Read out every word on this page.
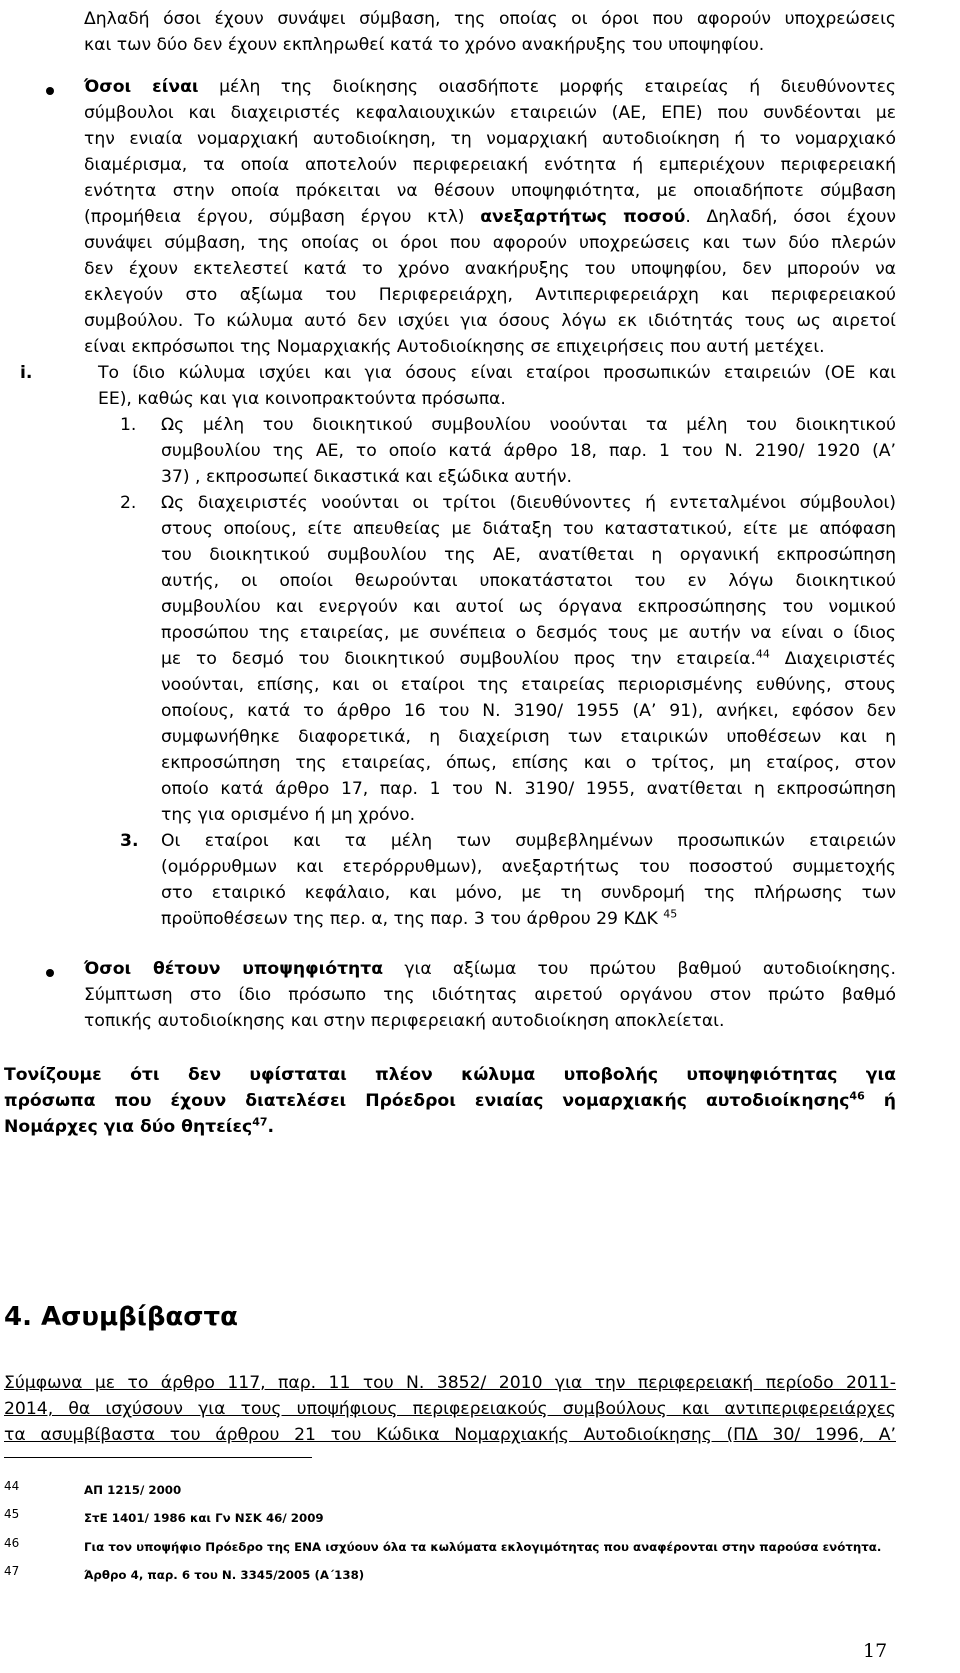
Δηλαδή όσοι έχουν συνάψει σύμβαση, της οποίας οι όροι που αφορούν υποχρεώσεις
και των δύο δεν έχουν εκπληρωθεί κατά το χρόνο ανακήρυξης του υποψηφίου.
Όσοι είναι μέλη της διοίκησης οιασδήποτε μορφής εταιρείας ή διευθύνοντες
σύμβουλοι και διαχειριστές κεφαλαιουχικών εταιρειών (ΑΕ, ΕΠΕ) που συνδέονται με
την ενιαία νομαρχιακή αυτοδιοίκηση, τη νομαρχιακή αυτοδιοίκηση ή το νομαρχιακό
διαμέρισμα, τα οποία αποτελούν περιφερειακή ενότητα ή εμπεριέχουν περιφερειακή
ενότητα στην οποία πρόκειται να θέσουν υποψηφιότητα, με οποιαδήποτε σύμβαση
(προμήθεια έργου, σύμβαση έργου κτλ) ανεξαρτήτως ποσού. Δηλαδή, όσοι έχουν
συνάψει σύμβαση, της οποίας οι όροι που αφορούν υποχρεώσεις και των δύο πλερών
δεν έχουν εκτελεστεί κατά το χρόνο ανακήρυξης του υποψηφίου, δεν μπορούν να
εκλεγούν στο αξίωμα του Περιφερειάρχη, Αντιπεριφερειάρχη και περιφερειακού
συμβούλου. Το κώλυμα αυτό δεν ισχύει για όσους λόγω εκ ιδιότητάς τους ως αιρετοί
είναι εκπρόσωποι της Νομαρχιακής Αυτοδιοίκησης σε επιχειρήσεις που αυτή μετέχει.
i.	Το ίδιο κώλυμα ισχύει και για όσους είναι εταίροι προσωπικών εταιρειών (ΟΕ και
ΕΕ), καθώς και για κοινοπρακτούντα πρόσωπα.
1. Ως μέλη του διοικητικού συμβουλίου νοούνται τα μέλη του διοικητικού
συμβουλίου της ΑΕ, το οποίο κατά άρθρο 18, παρ. 1 του Ν. 2190/ 1920 (Α’
37) , εκπροσωπεί δικαστικά και εξώδικα αυτήν.
2. Ως διαχειριστές νοούνται οι τρίτοι (διευθύνοντες ή εντεταλμένοι σύμβουλοι)
στους οποίους, είτε απευθείας με διάταξη του καταστατικού, είτε με απόφαση
του διοικητικού συμβουλίου της ΑΕ, ανατίθεται η οργανική εκπροσώπηση
αυτής, οι οποίοι θεωρούνται υποκατάστατοι του εν λόγω διοικητικού
συμβουλίου και ενεργούν και αυτοί ως όργανα εκπροσώπησης του νομικού
προσώπου της εταιρείας, με συνέπεια ο δεσμός τους με αυτήν να είναι ο ίδιος
με το δεσμό του διοικητικού συμβουλίου προς την εταιρεία.$^{44}$ Διαχειριστές
νοούνται, επίσης, και οι εταίροι της εταιρείας περιορισμένης ευθύνης, στους
οποίους, κατά το άρθρο 16 του Ν. 3190/ 1955 (Α’ 91), ανήκει, εφόσον δεν
συμφωνήθηκε διαφορετικά, η διαχείριση των εταιρικών υποθέσεων και η
εκπροσώπηση της εταιρείας, όπως, επίσης και ο τρίτος, μη εταίρος, στον
οποίο κατά άρθρο 17, παρ. 1 του Ν. 3190/ 1955, ανατίθεται η εκπροσώπηση
της για ορισμένο ή μη χρόνο.
3. Οι εταίροι και τα μέλη των συμβεβλημένων προσωπικών εταιρειών
(ομόρρυθμων και ετερόρρυθμων), ανεξαρτήτως του ποσοστού συμμετοχής
στο εταιρικό κεφάλαιο, και μόνο, με τη συνδρομή της πλήρωσης των
προϋποθέσεων της περ. α, της παρ. 3 του άρθρου 29 ΚΔΚ $^{45}$
Όσοι θέτουν υποψηφιότητα για αξίωμα του πρώτου βαθμού αυτοδιοίκησης.
Σύμπτωση στο ίδιο πρόσωπο της ιδιότητας αιρετού οργάνου στον πρώτο βαθμό
τοπικής αυτοδιοίκησης και στην περιφερειακή αυτοδιοίκηση αποκλείεται.
Τονίζουμε ότι δεν υφίσταται πλέον κώλυμα υποβολής υποψηφιότητας για
πρόσωπα που έχουν διατελέσει Πρόεδροι ενιαίας νομαρχιακής αυτοδιοίκησης$^{46}$ ή
Νομάρχες για δύο θητείες$^{47}$.
4. Ασυμβίβαστα
Σύμφωνα με το άρθρο 117, παρ. 11 του Ν. 3852/ 2010 για την περιφερειακή περίοδο 2011-
2014, θα ισχύσουν για τους υποψήφιους περιφερειακούς συμβούλους και αντιπεριφερειάρχες
τα ασυμβίβαστα του άρθρου 21 του Κώδικα Νομαρχιακής Αυτοδιοίκησης (ΠΔ 30/ 1996, Α’
44	ΑΠ 1215/ 2000
45	ΣτΕ 1401/ 1986 και Γν ΝΣΚ 46/ 2009
46	Για τον υποψήφιο Πρόεδρο της ΕΝΑ ισχύουν όλα τα κωλύματα εκλογιμότητας που αναφέρονται στην παρούσα ενότητα.
47	Άρθρο 4, παρ. 6 του Ν. 3345/2005 (Α΄138)
17
